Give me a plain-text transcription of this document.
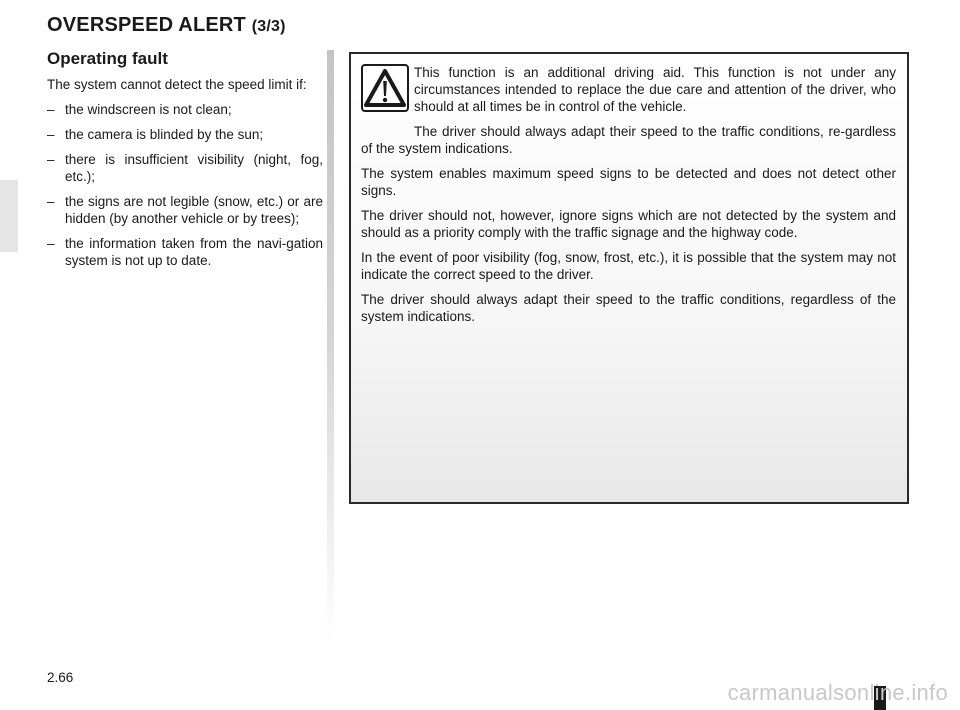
OVERSPEED ALERT (3/3)
Operating fault

The system cannot detect the speed limit if:

– the windscreen is not clean;
– the camera is blinded by the sun;
– there is insufficient visibility (night, fog, etc.);
– the signs are not legible (snow, etc.) or are hidden (by another vehicle or by trees);
– the information taken from the navi-gation system is not up to date.

This function is an additional driving aid. This function is not under any circumstances intended to replace the due care and attention of the driver, who should at all times be in control of the vehicle.

The driver should always adapt their speed to the traffic conditions, re-gardless of the system indications.

The system enables maximum speed signs to be detected and does not detect other signs.

The driver should not, however, ignore signs which are not detected by the system and should as a priority comply with the traffic signage and the highway code.

In the event of poor visibility (fog, snow, frost, etc.), it is possible that the system may not indicate the correct speed to the driver.

The driver should always adapt their speed to the traffic conditions, regardless of the system indications.

2.66
carmanualsonline.info
